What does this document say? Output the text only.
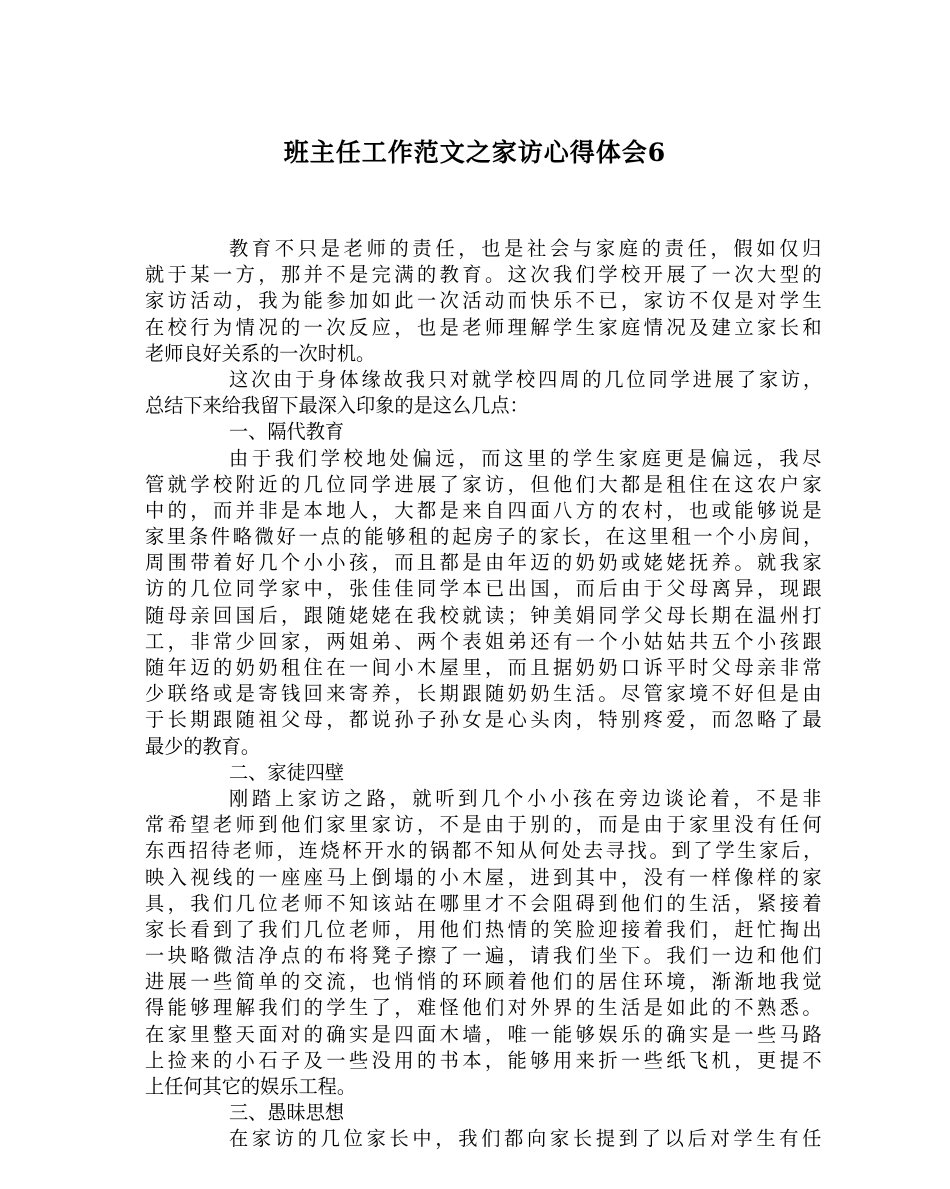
班主任工作范文之家访心得体会6
教育不只是老师的责任，也是社会与家庭的责任，假如仅归
就于某一方，那并不是完满的教育。这次我们学校开展了一次大型的
家访活动，我为能参加如此一次活动而快乐不已，家访不仅是对学生
在校行为情况的一次反应，也是老师理解学生家庭情况及建立家长和
老师良好关系的一次时机。
这次由于身体缘故我只对就学校四周的几位同学进展了家访，
总结下来给我留下最深入印象的是这么几点：
一、隔代教育
由于我们学校地处偏远，而这里的学生家庭更是偏远，我尽
管就学校附近的几位同学进展了家访，但他们大都是租住在这农户家
中的，而并非是本地人，大都是来自四面八方的农村，也或能够说是
家里条件略微好一点的能够租的起房子的家长，在这里租一个小房间，
周围带着好几个小小孩，而且都是由年迈的奶奶或姥姥抚养。就我家
访的几位同学家中，张佳佳同学本已出国，而后由于父母离异，现跟
随母亲回国后，跟随姥姥在我校就读；钟美娟同学父母长期在温州打
工，非常少回家，两姐弟、两个表姐弟还有一个小姑姑共五个小孩跟
随年迈的奶奶租住在一间小木屋里，而且据奶奶口诉平时父母亲非常
少联络或是寄钱回来寄养，长期跟随奶奶生活。尽管家境不好但是由
于长期跟随祖父母，都说孙子孙女是心头肉，特别疼爱，而忽略了最
最少的教育。
二、家徒四壁
刚踏上家访之路，就听到几个小小孩在旁边谈论着，不是非
常希望老师到他们家里家访，不是由于别的，而是由于家里没有任何
东西招待老师，连烧杯开水的锅都不知从何处去寻找。到了学生家后，
映入视线的一座座马上倒塌的小木屋，进到其中，没有一样像样的家
具，我们几位老师不知该站在哪里才不会阻碍到他们的生活，紧接着
家长看到了我们几位老师，用他们热情的笑脸迎接着我们，赶忙掏出
一块略微洁净点的布将凳子擦了一遍，请我们坐下。我们一边和他们
进展一些简单的交流，也悄悄的环顾着他们的居住环境，渐渐地我觉
得能够理解我们的学生了，难怪他们对外界的生活是如此的不熟悉。
在家里整天面对的确实是四面木墙，唯一能够娱乐的确实是一些马路
上捡来的小石子及一些没用的书本，能够用来折一些纸飞机，更提不
上任何其它的娱乐工程。
三、愚昧思想
在家访的几位家长中，我们都向家长提到了以后对学生有任
